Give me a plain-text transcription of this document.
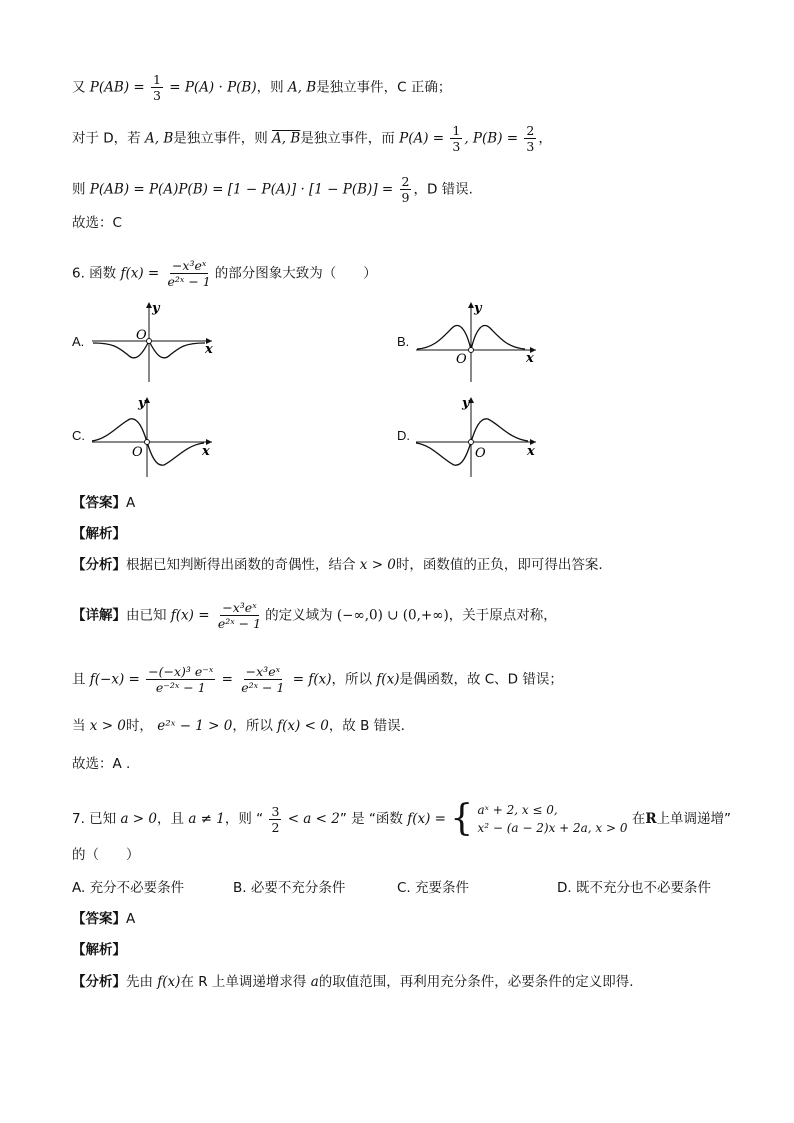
又 $P(AB) = \frac{1}{3} = P(A) \cdot P(B)$，则 A, B是独立事件，C 正确；
对于 D，若 A, B是独立事件，则 A, B是独立事件，而 $P(A) = \frac{1}{3}$ , $P(B) = \frac{2}{3}$ ，
则 $P(AB) = P(A)P(B) = [1 - P(A)] \cdot [1 - P(B)] = \frac{2}{9}$ ，D 错误.
故选：C
6. 函数 $f(x) = \frac{\text{−x³eˣ}}{\text{e²ˣ − 1}}$ 的部分图象大致为（　　）
A.	B.
C.	D.
y
O
x
y
O	x
y
O	x
y
O	x
【答案】A
【解析】
【分析】根据已知判断得出函数的奇偶性，结合 x > 0时，函数值的正负，即可得出答案.
【详解】由已知 $f(x) = \frac{\text{−x³eˣ}}{\text{e²ˣ − 1}}$ 的定义域为 (−∞,0) ∪ (0,+∞)，关于原点对称，
且 $f(-x) = \frac{\text{−(−x)³ e⁻ˣ}}{\text{e⁻²ˣ − 1}} = \frac{\text{−x³eˣ}}{\text{e²ˣ − 1}} = f(x)$，所以 f(x)是偶函数，故 C、D 错误；
当 x > 0时， e²ˣ − 1 > 0，所以 f(x) < 0，故 B 错误.
故选：A .
7. 已知 a > 0，且 a ≠ 1，则 “ $\frac{3}{2} < a < 2$” 是 “函数 f(x) = { aˣ + 2, x ≤ 0,
x² − (a − 2)x + 2a, x > 0
在R上单调递增”
的（　　）
A. 充分不必要条件	B. 必要不充分条件	C. 充要条件	D. 既不充分也不必要条件
【答案】A
【解析】
【分析】先由 f(x)在 R 上单调递增求得 a的取值范围，再利用充分条件，必要条件的定义即得.
